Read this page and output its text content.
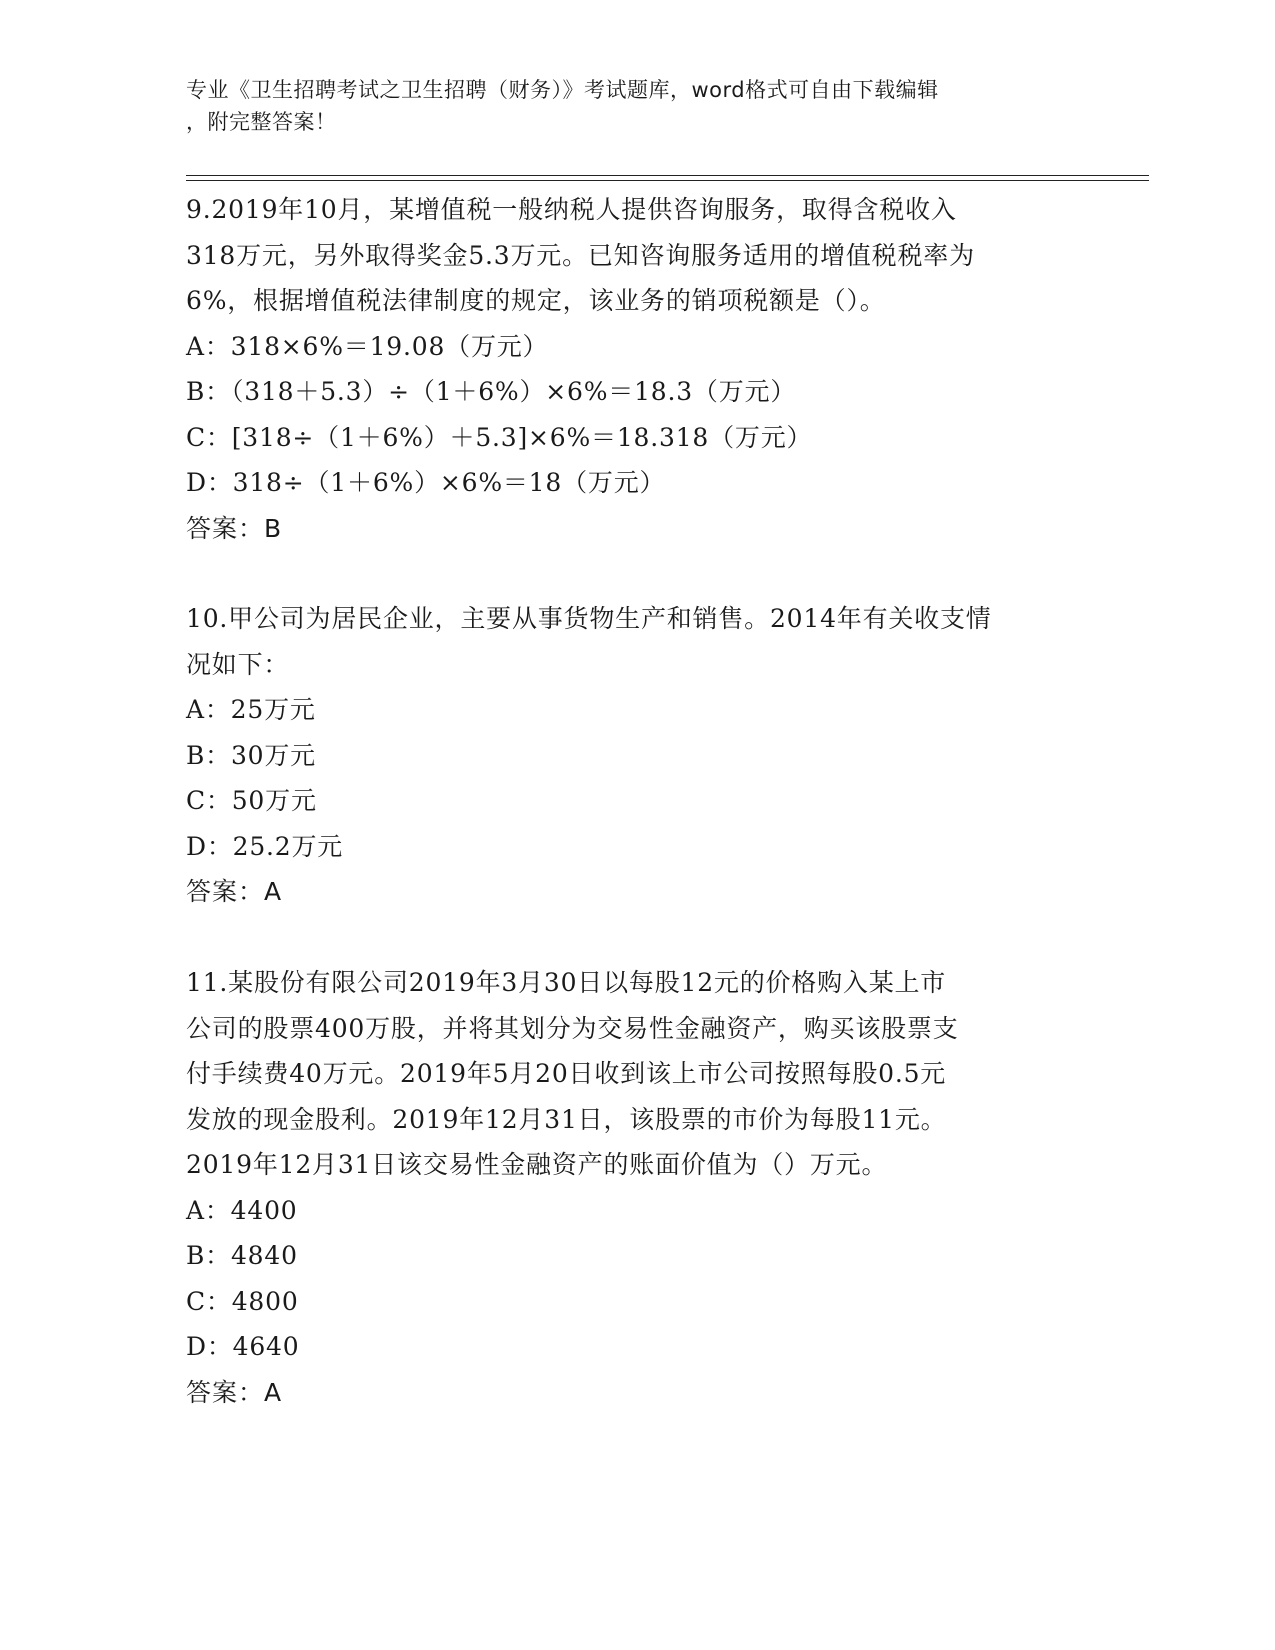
专业《卫生招聘考试之卫生招聘（财务）》考试题库，word格式可自由下载编辑

，附完整答案！

9.2019年10月，某增值税一般纳税人提供咨询服务，取得含税收入

318万元，另外取得奖金5.3万元。已知咨询服务适用的增值税税率为

6%，根据增值税法律制度的规定，该业务的销项税额是（）。

A：318×6%＝19.08（万元）

B：（318＋5.3）÷（1＋6%）×6%＝18.3（万元）

C：[318÷（1＋6%）＋5.3]×6%＝18.318（万元）

D：318÷（1＋6%）×6%＝18（万元）

答案：B

10.甲公司为居民企业，主要从事货物生产和销售。2014年有关收支情

况如下：

A：25万元

B：30万元

C：50万元

D：25.2万元

答案：A

11.某股份有限公司2019年3月30日以每股12元的价格购入某上市

公司的股票400万股，并将其划分为交易性金融资产，购买该股票支

付手续费40万元。2019年5月20日收到该上市公司按照每股0.5元

发放的现金股利。2019年12月31日，该股票的市价为每股11元。

2019年12月31日该交易性金融资产的账面价值为（）万元。

A：4400

B：4840

C：4800

D：4640

答案：A
